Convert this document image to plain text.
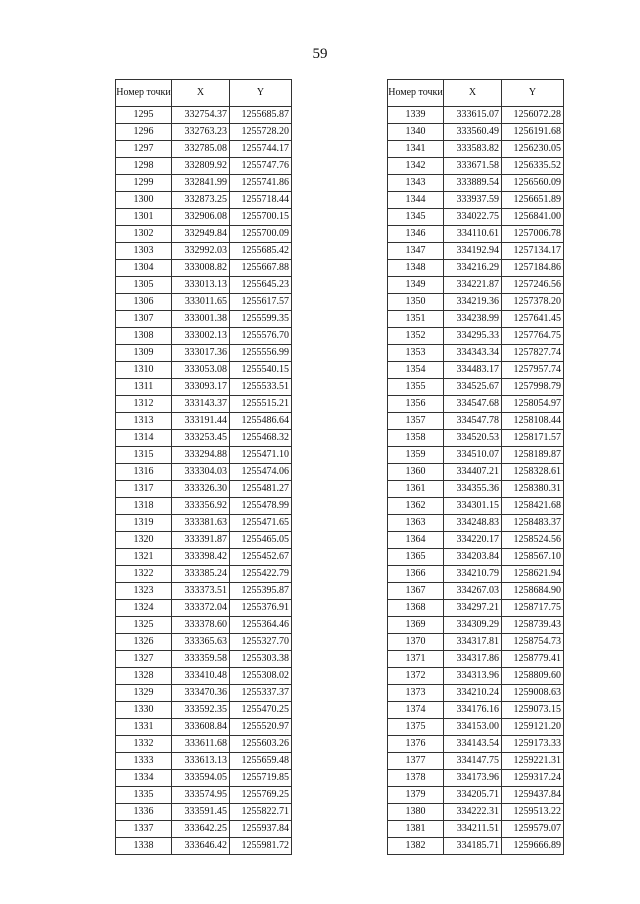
59
Номер точки	X	Y
1295	332754.37	1255685.87
1296	332763.23	1255728.20
1297	332785.08	1255744.17
1298	332809.92	1255747.76
1299	332841.99	1255741.86
1300	332873.25	1255718.44
1301	332906.08	1255700.15
1302	332949.84	1255700.09
1303	332992.03	1255685.42
1304	333008.82	1255667.88
1305	333013.13	1255645.23
1306	333011.65	1255617.57
1307	333001.38	1255599.35
1308	333002.13	1255576.70
1309	333017.36	1255556.99
1310	333053.08	1255540.15
1311	333093.17	1255533.51
1312	333143.37	1255515.21
1313	333191.44	1255486.64
1314	333253.45	1255468.32
1315	333294.88	1255471.10
1316	333304.03	1255474.06
1317	333326.30	1255481.27
1318	333356.92	1255478.99
1319	333381.63	1255471.65
1320	333391.87	1255465.05
1321	333398.42	1255452.67
1322	333385.24	1255422.79
1323	333373.51	1255395.87
1324	333372.04	1255376.91
1325	333378.60	1255364.46
1326	333365.63	1255327.70
1327	333359.58	1255303.38
1328	333410.48	1255308.02
1329	333470.36	1255337.37
1330	333592.35	1255470.25
1331	333608.84	1255520.97
1332	333611.68	1255603.26
1333	333613.13	1255659.48
1334	333594.05	1255719.85
1335	333574.95	1255769.25
1336	333591.45	1255822.71
1337	333642.25	1255937.84
1338	333646.42	1255981.72
Номер точки	X	Y
1339	333615.07	1256072.28
1340	333560.49	1256191.68
1341	333583.82	1256230.05
1342	333671.58	1256335.52
1343	333889.54	1256560.09
1344	333937.59	1256651.89
1345	334022.75	1256841.00
1346	334110.61	1257006.78
1347	334192.94	1257134.17
1348	334216.29	1257184.86
1349	334221.87	1257246.56
1350	334219.36	1257378.20
1351	334238.99	1257641.45
1352	334295.33	1257764.75
1353	334343.34	1257827.74
1354	334483.17	1257957.74
1355	334525.67	1257998.79
1356	334547.68	1258054.97
1357	334547.78	1258108.44
1358	334520.53	1258171.57
1359	334510.07	1258189.87
1360	334407.21	1258328.61
1361	334355.36	1258380.31
1362	334301.15	1258421.68
1363	334248.83	1258483.37
1364	334220.17	1258524.56
1365	334203.84	1258567.10
1366	334210.79	1258621.94
1367	334267.03	1258684.90
1368	334297.21	1258717.75
1369	334309.29	1258739.43
1370	334317.81	1258754.73
1371	334317.86	1258779.41
1372	334313.96	1258809.60
1373	334210.24	1259008.63
1374	334176.16	1259073.15
1375	334153.00	1259121.20
1376	334143.54	1259173.33
1377	334147.75	1259221.31
1378	334173.96	1259317.24
1379	334205.71	1259437.84
1380	334222.31	1259513.22
1381	334211.51	1259579.07
1382	334185.71	1259666.89
